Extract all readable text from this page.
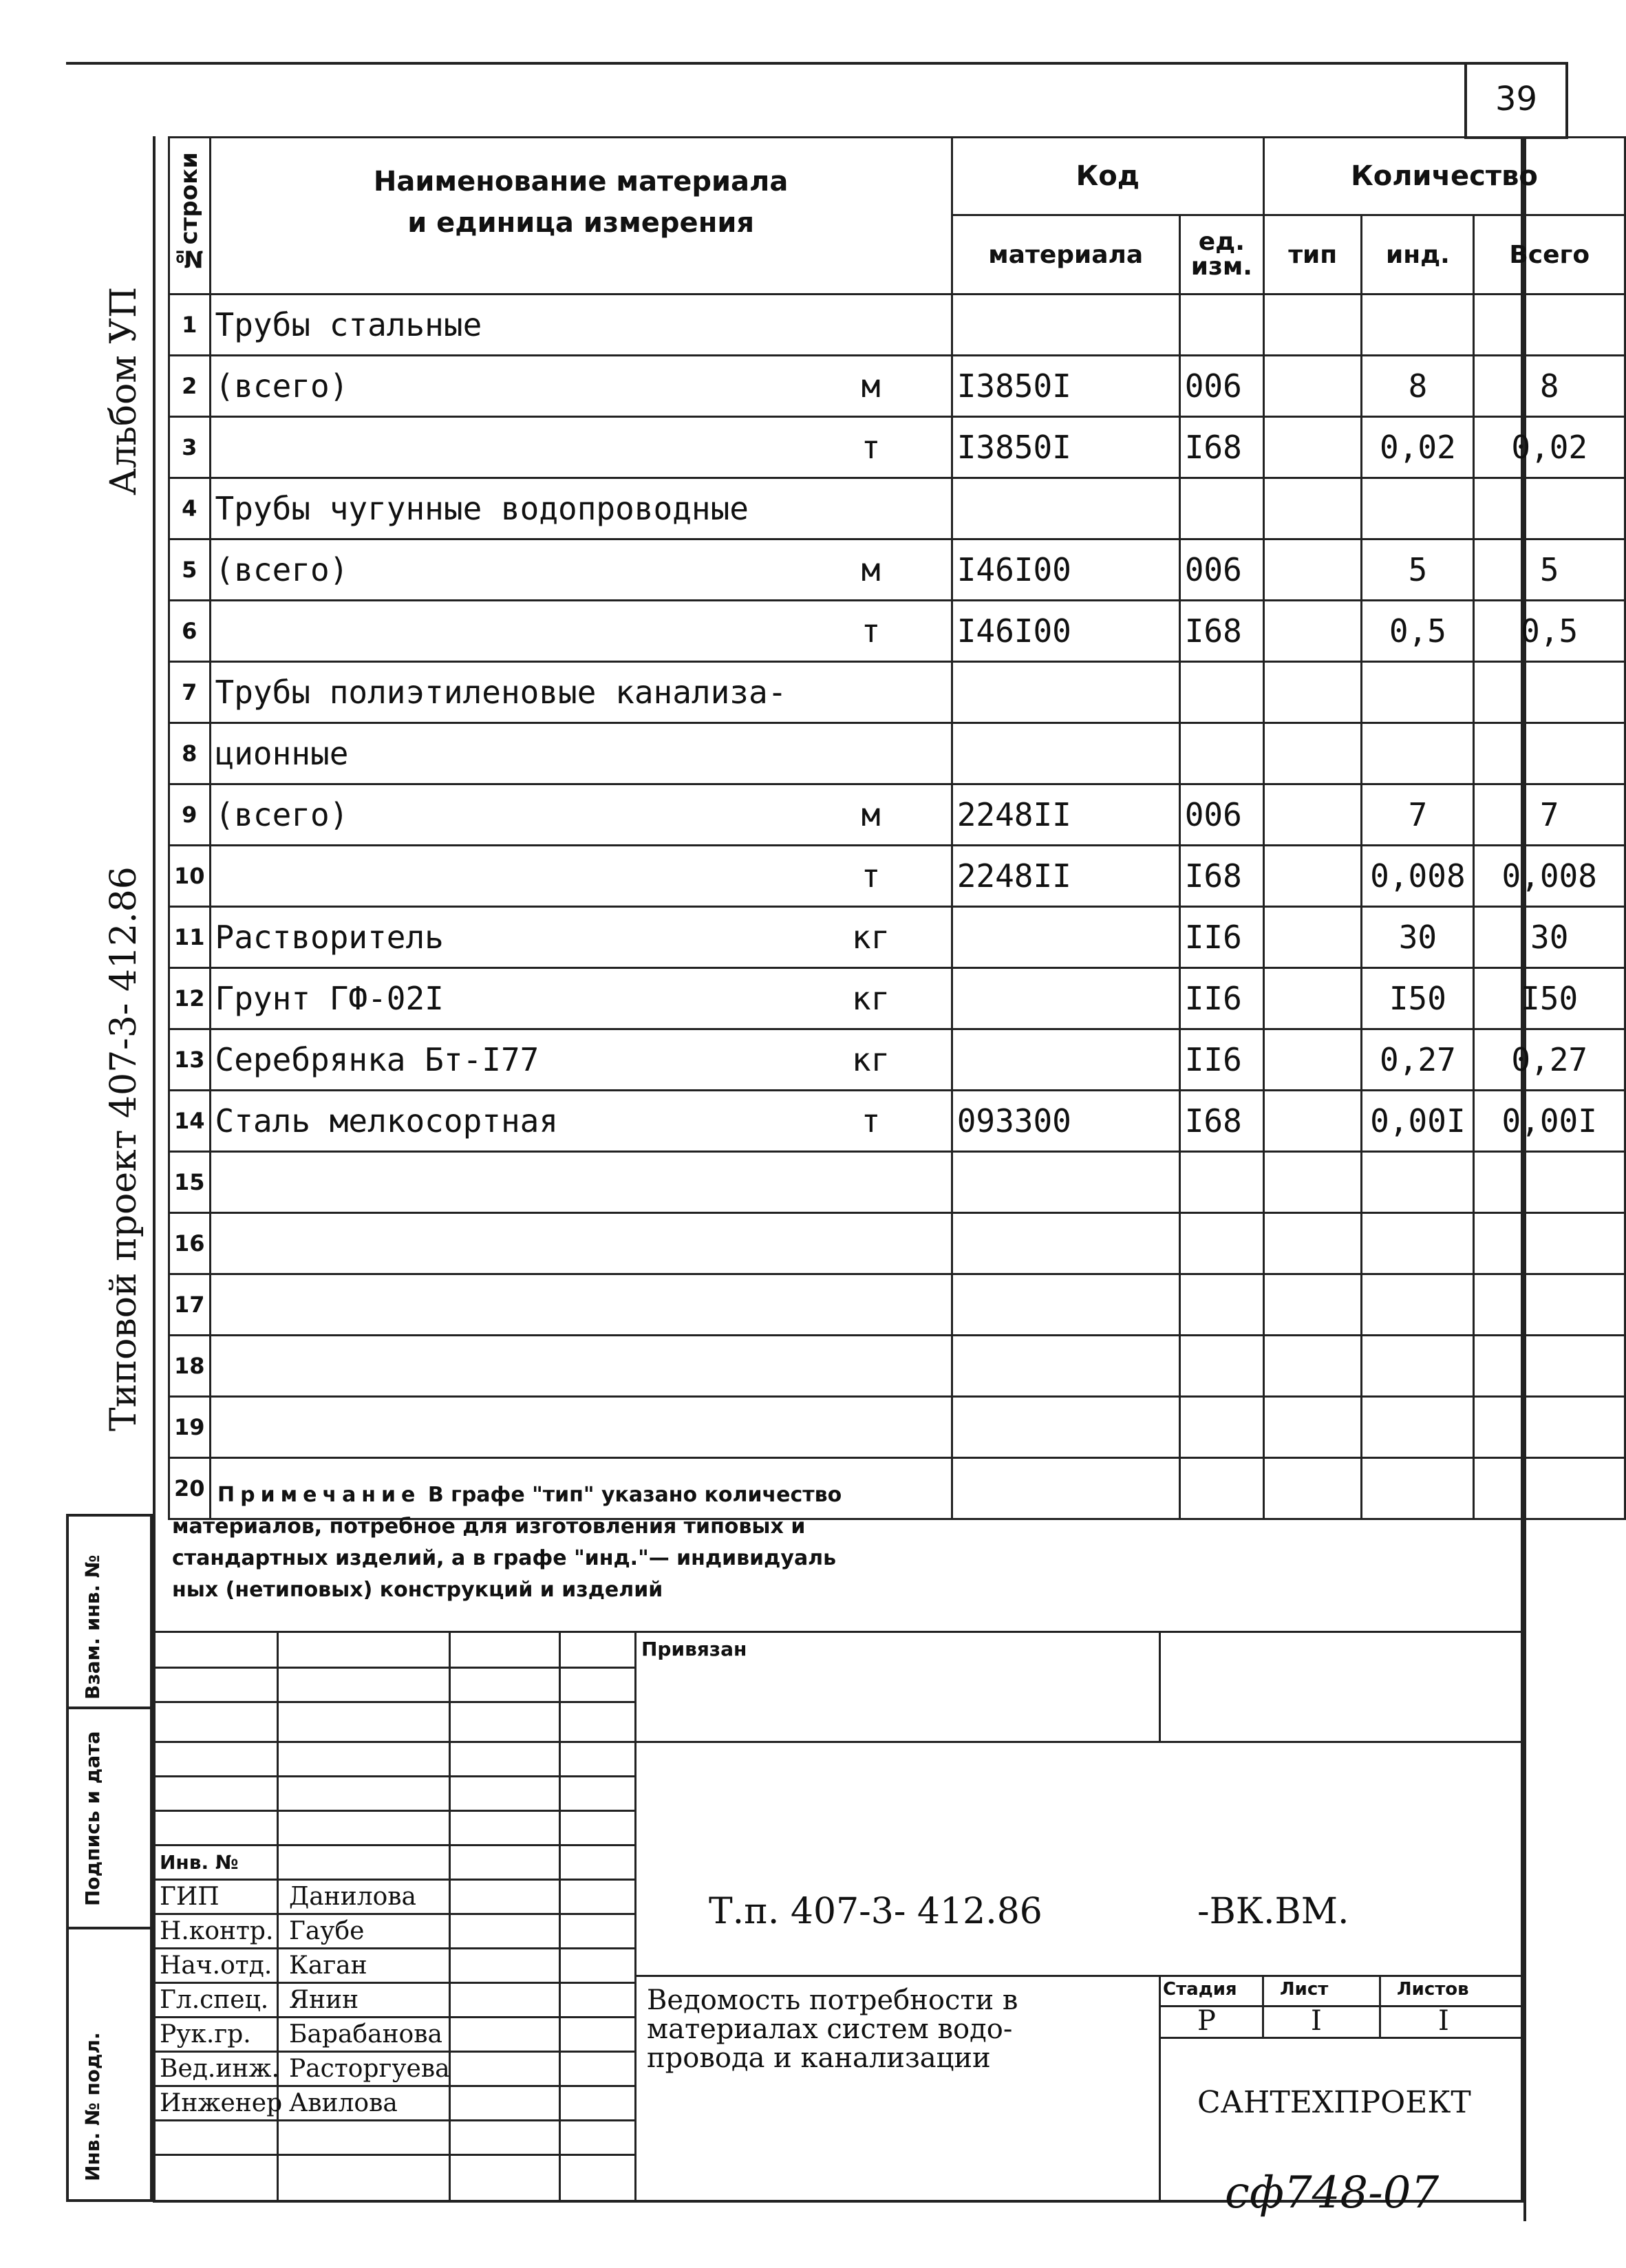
39
Альбом УП
Типовой проект 407-3- 412.86
№строки	Наименование материала
и единица измерения		Код		Количество		
			материала	ед. изм.	тип	инд.	Всего
1	Трубы стальные						
2	(всего)	м	I3850I	006		8	8
3		т	I3850I	I68		0,02	0,02
4	Трубы чугунные водопроводные						
5	(всего)	м	I46I00	006		5	5
6		т	I46I00	I68		0,5	0,5
7	Трубы полиэтиленовые канализа-						
8	ционные						
9	(всего)	м	2248II	006		7	7
10		т	2248II	I68		0,008	0,008
11	Растворитель	кг		II6		30	30
12	Грунт ГФ-02I	кг		II6		I50	I50
13	Серебрянка Бт-I77	кг		II6		0,27	0,27
14	Сталь мелкосортная	т	093300	I68		0,00I	0,00I
15							
16							
17							
18							
19							
20							Примечание В графе "тип" указано количество
материалов, потребное для изготовления типовых и
стандартных изделий, а в графе "инд."— индивидуаль
ных (нетиповых) конструкций и изделий
Взам. инв. №
Подпись и дата
Инв. № подл.
Привязан
Инв. №
ГИП	Данилова
Н.контр. Гаубе
Нач.отд. Каган
Гл.спец. Янин
Рук.гр. Барабанова
Вед.инж. Расторгуева
Инженер Авилова
Т.п. 407-3- 412.86	-ВК.ВМ.
Ведомость потребности в
материалах систем водо-
провода и канализации
Стадия Лист	Листов
Р	I	I
САНТЕХПРОЕКТ
сф748-07
